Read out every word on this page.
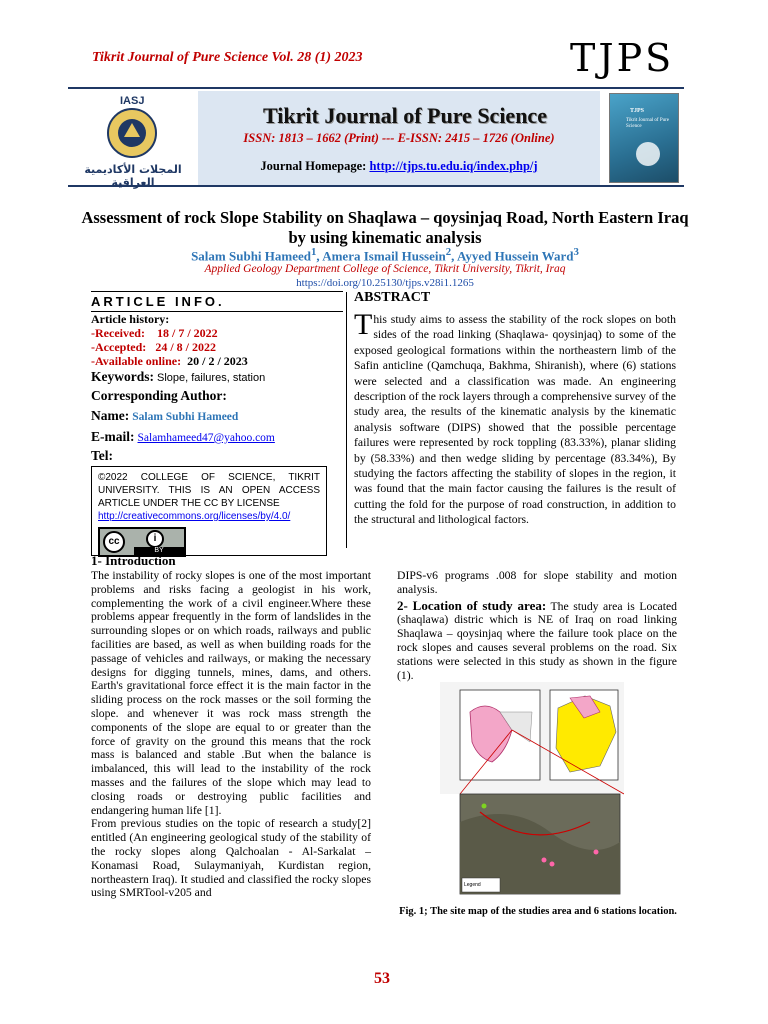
Tikrit Journal of Pure Science Vol. 28 (1) 2023	TJPS
IASJ
المجلات الأكاديمية العراقية
Tikrit Journal of Pure Science
ISSN: 1813 – 1662 (Print) --- E-ISSN: 2415 – 1726 (Online)
Journal Homepage: http://tjps.tu.edu.iq/index.php/j
TJPS
Tikrit Journal of Pure Science
Assessment of rock Slope Stability on Shaqlawa – qoysinjaq Road, North Eastern Iraq by using kinematic analysis
Salam Subhi Hameed$^1$, Amera Ismail Hussein$^2$, Ayyed Hussein Ward$^3$
Applied Geology Department College of Science, Tikrit University, Tikrit, Iraq
https://doi.org/10.25130/tjps.v28i1.1265
ARTICLE INFO.
Article history:
-Received: 18 / 7 / 2022
-Accepted: 24 / 8 / 2022
-Available online: 20 / 2 / 2023
Keywords: Slope, failures, station
Corresponding Author:
Name: Salam Subhi Hameed
E-mail: Salamhameed47@yahoo.com
Tel:
©2022 COLLEGE OF SCIENCE, TIKRIT UNIVERSITY. THIS IS AN OPEN ACCESS ARTICLE UNDER THE CC BY LICENSE
http://creativecommons.org/licenses/by/4.0/
cc	i
BY
ABSTRACT
This study aims to assess the stability of the rock slopes on both sides of the road linking (Shaqlawa- qoysinjaq) to some of the exposed geological formations within the northeastern limb of the Safin anticline (Qamchuqa, Bakhma, Shiranish), where (6) stations were selected and a classification was made. An engineering description of the rock layers through a comprehensive survey of the study area, the results of the kinematic analysis by the kinematic analysis software (DIPS) showed that the possible percentage failures were represented by rock toppling (83.33%), planar sliding by (58.33%) and then wedge sliding by percentage (83.34%), By studying the factors affecting the stability of slopes in the region, it was found that the main factor causing the failures is the result of cutting the fold for the purpose of road construction, in addition to the structural and lithological factors.
1- Introduction
The instability of rocky slopes is one of the most important problems and risks facing a geologist in his work, complementing the work of a civil engineer.Where these problems appear frequently in the form of landslides in the surrounding slopes or on which roads, railways and public facilities are based, as well as when building roads for the passage of vehicles and railways, or making the necessary designs for digging tunnels, mines, dams, and others. Earth's gravitational force effect it is the main factor in the sliding process on the rock masses or the soil forming the slope. and whenever it was rock mass strength the components of the slope are equal to or greater than the force of gravity on the ground this means that the rock mass is balanced and stable .But when the balance is imbalanced, this will lead to the instability of the rock masses and the failures of the slope which may lead to closing roads or destroying public facilities and endangering human life [1].
From previous studies on the topic of research a study[2] entitled (An engineering geological study of the stability of the rocky slopes along Qalchoalan - Al-Sarkalat – Konamasi Road, Sulaymaniyah, Kurdistan region, northeastern Iraq). It studied and classified the rocky slopes using SMRTool-v205 and
DIPS-v6 programs .008 for slope stability and motion analysis.
2- Location of study area: The study area is Located (shaqlawa) distric which is NE of Iraq on road linking Shaqlawa – qoysinjaq where the failure took place on the rock slopes and causes several problems on the road. Six stations were selected in this study as shown in the figure (1).
Legend
Fig. 1; The site map of the studies area and 6 stations location.
53
